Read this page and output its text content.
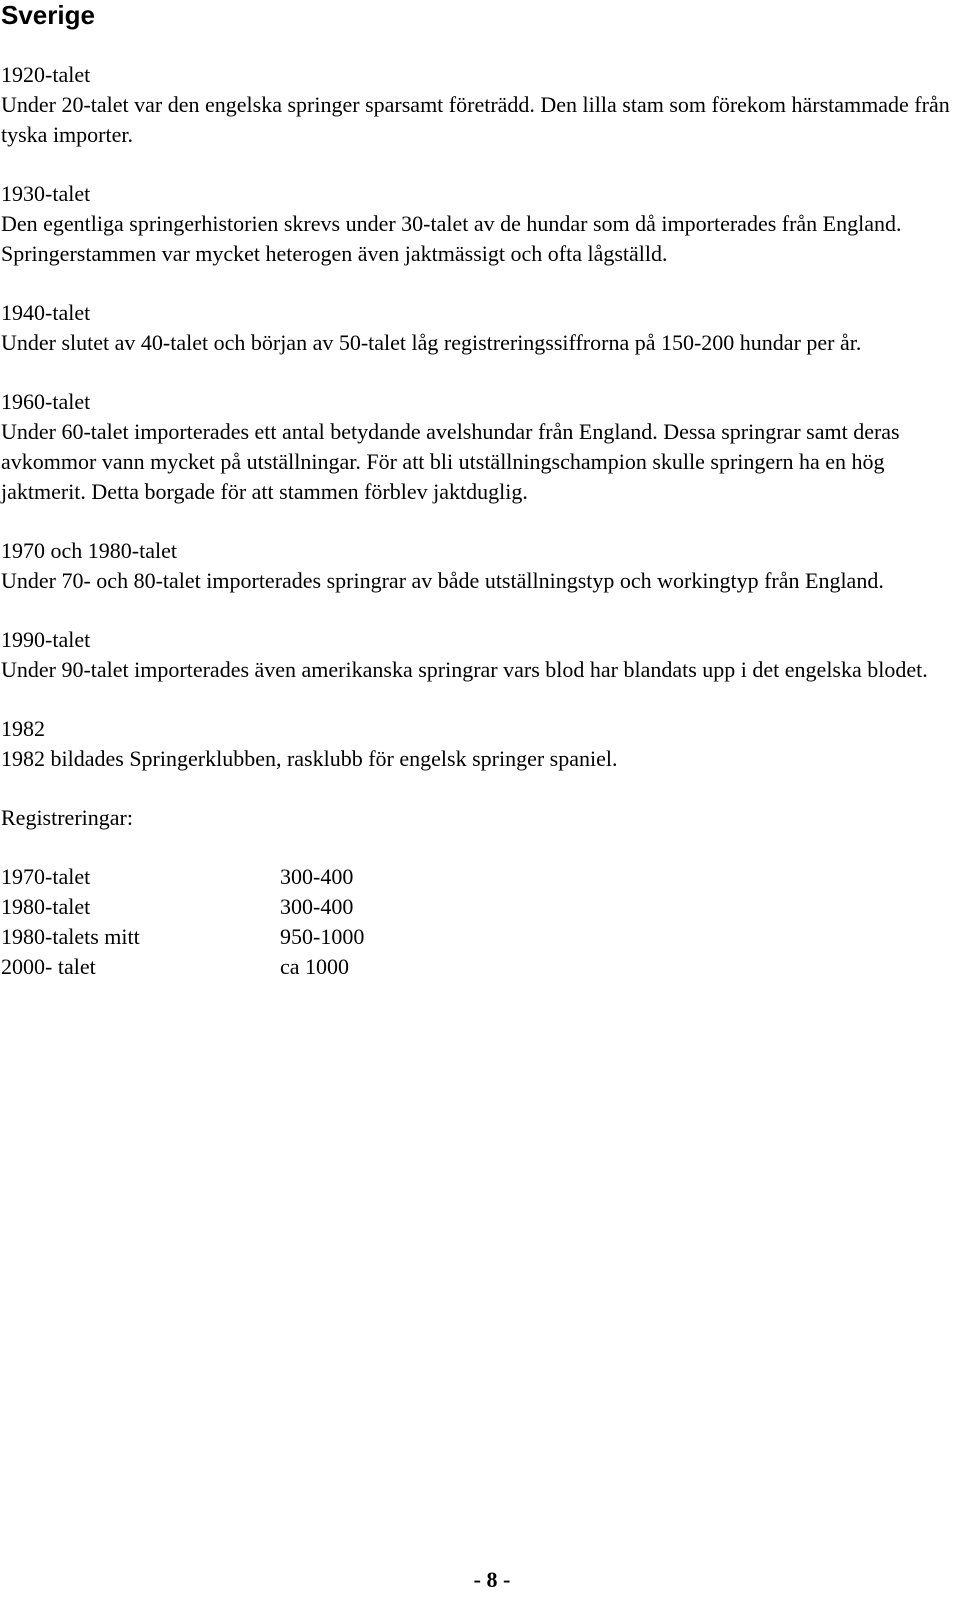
Sverige
1920-talet
Under 20-talet var den engelska springer sparsamt företrädd. Den lilla stam som förekom härstammade från tyska importer.
1930-talet
Den egentliga springerhistorien skrevs under 30-talet av de hundar som då importerades från England. Springerstammen var mycket heterogen även jaktmässigt och ofta lågställd.
1940-talet
Under slutet av 40-talet och början av 50-talet låg registreringssiffrorna på 150-200 hundar per år.
1960-talet
Under 60-talet importerades ett antal betydande avelshundar från England. Dessa springrar samt deras avkommor vann mycket på utställningar. För att bli utställningschampion skulle springern ha en hög jaktmerit. Detta borgade för att stammen förblev jaktduglig.
1970 och 1980-talet
Under 70- och 80-talet importerades springrar av både utställningstyp och workingtyp från England.
1990-talet
Under 90-talet importerades även amerikanska springrar vars blod har blandats upp i det engelska blodet.
1982
1982 bildades Springerklubben, rasklubb för engelsk springer spaniel.
Registreringar:
1970-talet	300-400
1980-talet	300-400
1980-talets mitt	950-1000
2000- talet	ca 1000
- 8 -
